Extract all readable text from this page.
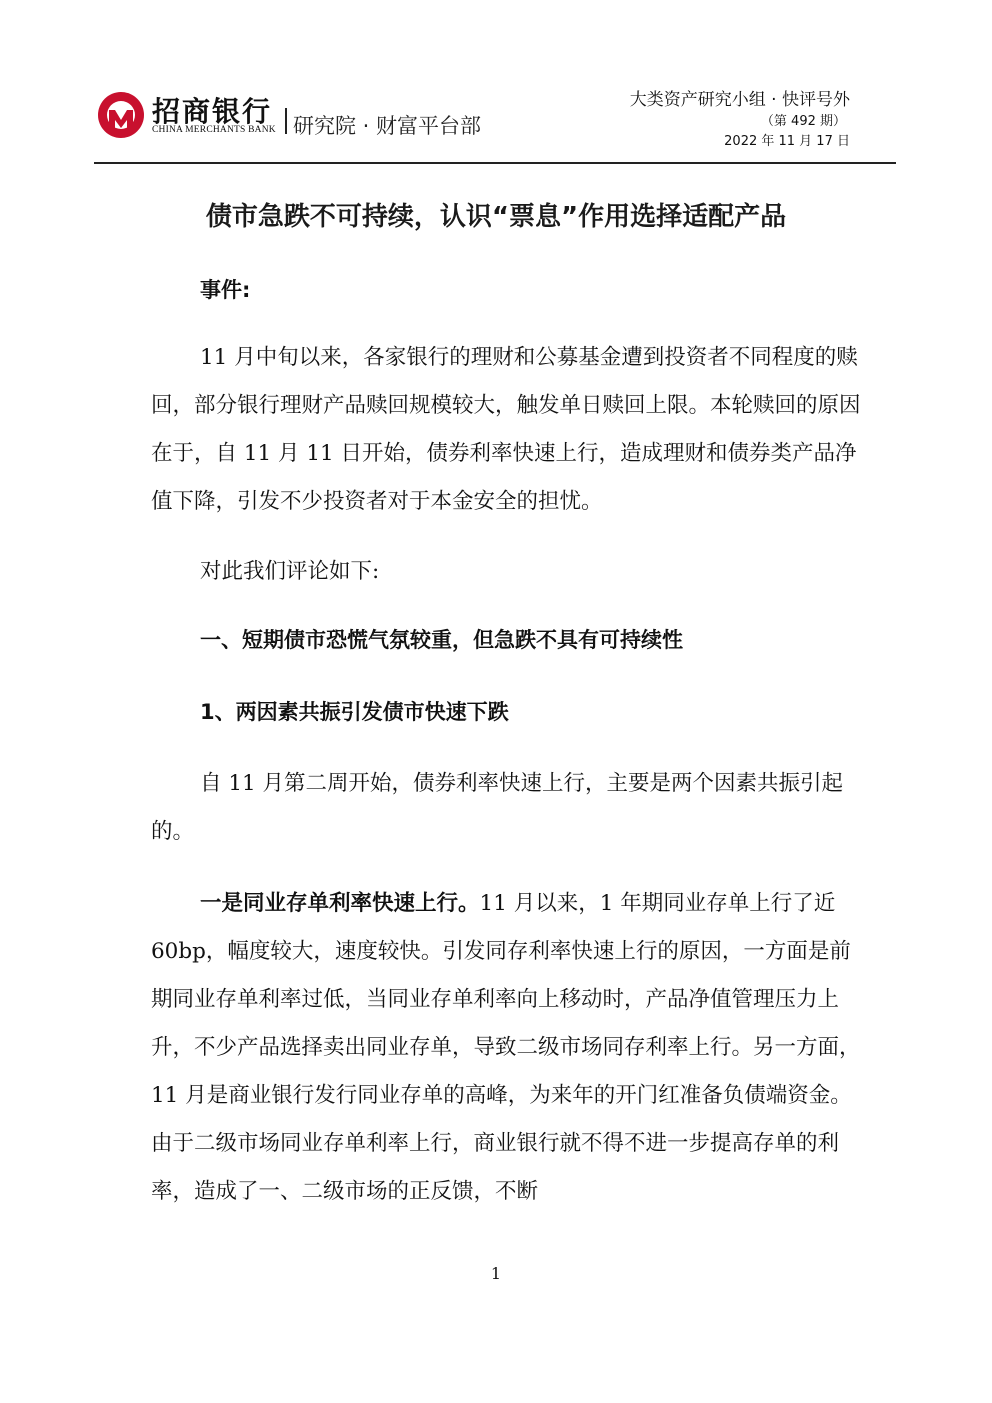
招商银行
CHINA MERCHANTS BANK 研究院 · 财富平台部
大类资产研究小组 · 快评号外
（第 492 期）
2022 年 11 月 17 日
债市急跌不可持续，认识“票息”作用选择适配产品
事件:
11 月中旬以来，各家银行的理财和公募基金遭到投资者不同程度的赎回，部分银行理财产品赎回规模较大，触发单日赎回上限。本轮赎回的原因在于，自 11 月 11 日开始，债券利率快速上行，造成理财和债券类产品净值下降，引发不少投资者对于本金安全的担忧。
对此我们评论如下:
一、短期债市恐慌气氛较重，但急跌不具有可持续性
1、两因素共振引发债市快速下跌
自 11 月第二周开始，债券利率快速上行，主要是两个因素共振引起的。
一是同业存单利率快速上行。11 月以来，1 年期同业存单上行了近 60bp，幅度较大，速度较快。引发同存利率快速上行的原因，一方面是前期同业存单利率过低，当同业存单利率向上移动时，产品净值管理压力上升，不少产品选择卖出同业存单，导致二级市场同存利率上行。另一方面，11 月是商业银行发行同业存单的高峰，为来年的开门红准备负债端资金。由于二级市场同业存单利率上行，商业银行就不得不进一步提高存单的利率，造成了一、二级市场的正反馈，不断
1
